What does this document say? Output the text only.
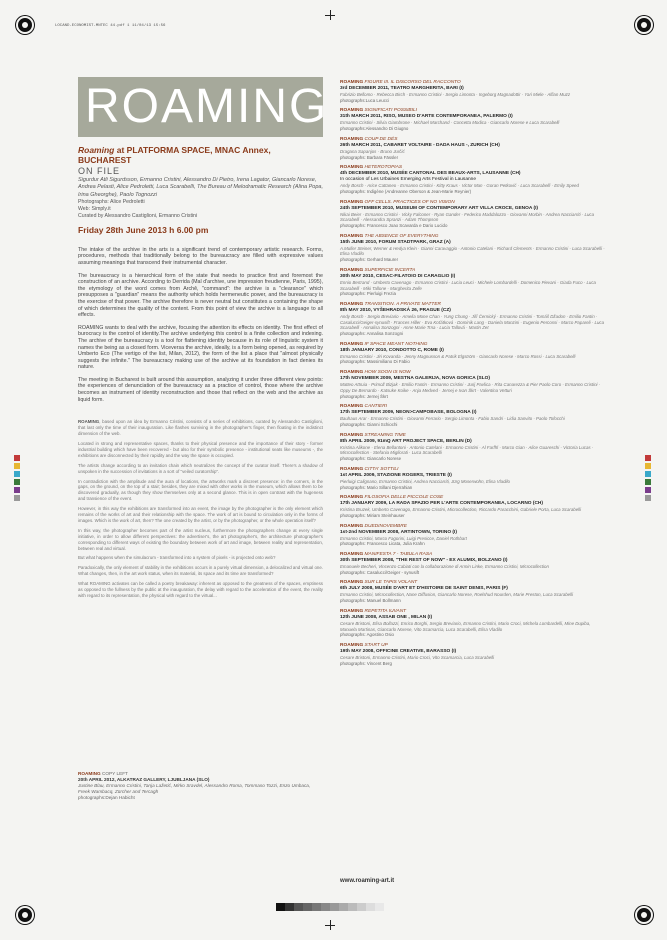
LOCAND-ECONOMIST-MNTEC 44.pdf 1 11/04/13 15:56
ROAMING
Roaming at PLATFORMA SPACE, MNAC Annex, BUCHAREST
ON FILE
Sigurdur Atli Sigurdsson, Ermanno Cristini, Alessandro Di Pietro, Irena Lagator, Giancarlo Norese, Andrea Pelasti, Alice Pedroletti, Luca Scarabelli, The Bureau of Melodramatic Research (Alina Popa, Irina Gheorghe), Paolo Tognozzi
Photographs: Alice Pedroletti
Web: Simply.it
Curated by Alessandro Castiglioni, Ermanno Cristini
Friday 28th June 2013 h 6.00 pm

The intake of the archive in the arts is a significant trend of contemporary artistic research. Forms, procedures, methods that traditionally belong to the bureaucracy are filled with expressive values assuming meanings that transcend their instrumental character.

The bureaucracy is a hierarchical form of the state that needs to practice first and foremost the construction of an archive. According to Derrida (Mal d'archive, une impression freudienne, Paris, 1995), the etymology of the word comes from Archê, "command": the archive is a "clearance" which presupposes a "guardian" means the authority which holds hermeneutic power, and the bureaucracy is the exercise of that power. The archive therefore is never neutral but constitutes a containing the shape of which determines the quality of the content. From this point of view the archive is a language to all effects.

ROAMING wants to deal with the archive, focusing the attention its effects on identity. The first effect of burocracy is the control of identity.The archive underlying this control is a finite collection and indexing. The archive of the bureaucracy is a tool for flattening identity because in its role of linguistic system it names the being as a closed form. Viceversa the archive, ideally, is a form being opened, as required by Umberto Eco (The vertigo of the list, Milan, 2012), the form of the list a place that "almost physically suggests the infinite." The bureaucracy making use of the archive at its foundation in fact denies its nature.

The meeting in Bucharest is built around this assumption, analyzing it under three different view points: the experiences of denunciation of the bureaucracy as a practice of control, those where the archive becomes an instrument of identity reconstruction and those that reflect on the web and the archive as liquid form.

ROAMING, based upon an idea by Ermanno Cristini, consists of a series of exhibitions, curated by Alessandro Castiglioni, that last only the time of their inauguration. Like flashes surviving in the photographer's finger, then floating in the indistinct dimension of the web.

Located in strong and representative spaces, thanks to their physical presence and the importance of their story - former industrial building which have been recovered - but also for their symbolic presence - institutional seats like museums -, the exhibitions are disconnected by their rapidity and the way the space is occupied.

The artists change according to an invitation chain which neutralizes the concept of the curator itself. There's a shadow of unspoken in the succession of invitations in a sort of "veiled curatorship".

In contradiction with the amplitude and the aura of locations, the artworks mark a discreet presence: in the corners, in the gaps, on the ground, on the top of a stair; besides, they are mixed with other works in the museum, which allows them to be discovered gradually, as though they show themselves only at a second glance. This is in open contrast with the hugeness and transience of the event.

However, in this way the exhibitions are transformed into an event, the image by the photographer is the only element which remains of the works of art and their relationship with the space. The work of art is bound to circulation only in the forms of images. Which is the work of art, then? The one created by the artist, or by the photographer, or the whole operation itself?

In this way, the photographer becomes part of the artist nucleus, furthermore the photographers change at every single initiative, in order to allow different perspectives: the advertiser's, the art photographer's, the architecture photographer's corresponding to different ways of existing the boundary between work of art and image, between reality and representation, between real and virtual.

But what happens when the simulacrum - transformed into a system of pixels - is projected onto web?

Paradoxically, the only element of stability in the exhibitions occurs in a purely virtual dimension, a delocalized and virtual one. What changes, then, in the art work status, when its material, its space and its time are transformed?

What ROAMING activates can be called a poetry breakaway: inherent as opposed to the greatness of the spaces, emptiness as opposed to the fullness by the public at the inauguration, the delay with regard to the acceleration of the event, the reality with regard to its representation, the physical with regard to the virtual...

ROAMING COPY LEFT
20th APRIL 2012, ALKATRAZ GALLERY, LJUBLJANA (SLO)
Justine Blau, Ermanno Cristini, Tanja Lažetić, Mirko Sravdel, Alessandro Roma, Tommaso Tozzi, Enzo Umbaca, Freek Wambacq, Zürcher and Tercagh
photographs:Dejan Habicht
ROAMING FIGURE III. IL DISCORSO DEL RACCONTO
3rd DECEMBER 2011, TEATRO MARGHERITA, BARI (I)
Fabrizio Bellomo · Rebecca Birch · Ermanno Cristini · Sergio Limonta · Ingeborg Magnadottir · Yari Miele · Alfian Muzz
photographs:Luca Leucci
ROAMING SIGNIFICATI POSSIBILI
31th MARCH 2011, RISO, MUSEO D'ARTE CONTEMPORANEA, PALERMO (I)
Ermanno Cristini · Silvia Giambrone · Michael Marchand · Concetta Modica · Giancarlo Norese e Luca Scarabelli
photographs:Alessandro Di Giugno
ROAMING COUP DE DÉS
26th MARCH 2011, CABARET VOLTAIRE - DADA HAUS -, ZURICH (CH)
Dragana Sapanjos · Bruno Jurčić
photographs: Barbara Fässler
ROAMING HETEROTOPIAS
4th DECEMBER 2010, MUSÉE CANTONAL DES BEAUX-ARTS, LAUSANNE (CH)
In occasion of Les Urbaines Emerging Arts Festival in Lausanne
Andy Bosch · Arice Cattaneo · Ermanno Cristini · Kitty Kraus · Victor Man · Goran Petković · Luca Scarabelli · Emily Speed
photographs: Indigène (Andreanne Oberson & Jean-Marie Reynier)
ROAMING OFF CELLS. PRACTICES OF NO VISION
24th SEPTEMBER 2010, MUSEUM OF CONTEMPORARY ART VILLA CROCE, GENOA (I)
Nikai Beier · Ermanno Cristini · Vicky Falconer · Ryan Gander · Federico Maddalozzo · Giovanni Morbin · Andrea Nacciarriti · Luca Scarabelli · Alessandra Spranzi · Adam Thompson
photographs: Francesco Joao Scavarda e Dario Lucido
ROAMING THE ABSENCE OF EVERYTHING
15th JUNE 2010, FORUM STADTPARK, GRAZ (A)
A.Muller Steiner, Werner & Hedya Klein · Gianni Caravaggio · Antonio Catelani · Richard Clements · Ermanno Cristini · Luca Scarabelli · Elisa Vladilo
photographs: Gerhard Maurer
ROAMING SUPERFICIE INCERTA
30th MAY 2010, CESAC-FILATOIO DI CARAGLIO (I)
Ennio Bertrand · Umberto Cavenago · Ermanno Cristini · Lucia Leuci · Michele Lombardelli · Domenico Pievani · Giada Fuco · Luca Scarabelli · Miki Tallone · Margherita Zelle
photographs: Pierluigi Frezia
ROAMING TRANSITION. A PRIVATE MATTER
8th MAY 2010, VYŠEHRADSKÁ 26, PRAGUE (CZ)
Andy Bosch · Sergio Breviario · Amelia Mone Chan · Yung Chung · Jiří Černický · Ermanno Cristini · Tomáš Džadon · Emilio Fantin · Casalucci/Geiger-synusift · Frances Hiller · Eva Koťátková · Dominik Lang · Daniela Manzini · Eugenio Percossi · Marco Papareli · Luca Scarabelli · Annalisa Sonzogni · Anne Marie Trna · Lucia Tallová · Martin Zet
photographs: Annalisa Sonzogni
ROAMING IF SPACE MEANT NOTHING
18th JANUARY 2010, CONDOTTO C, ROME (I)
Ermanno Cristini · Jiri Kovanda · Jenny Magnusson & Patrik Elgström · Giancarlo Norese · Marco Rossi · Luca Scarabelli
photographs: Massimiliano Di Fabio
ROAMING HOW SOON IS NOW
17th NOVEMBER 2009, MESTNA GALERIJA, NOVA GORICA (SLO)
Matteo Attruia · Primož Bizjak · Emilio Fantin · Ermanno Cristini · Jurij Pavlica · Rita Canarezza & Pier Paolo Coro · Ermanno Cristini · Oppy De Bernardo · Katsuke Koike · Anja Medved · Jernej e Ivan Škrt · Valentina Vetturi
photographs: Jernej Škrt
ROAMING CANTIERI
17th SEPTEMBER 2009, NEON>CAMPOBASE, BOLOGNA (I)
Bauhaus Arar · Ermanno Cristini · Giovanni Ferrario · Sergio Limonta · Fabio Sandri · Lidia Sanvito · Paolo Tofocchi
photographs: Gianni Schiochi
ROAMING STREAMING TIME
8th APRIL 2009, 91mQ ART PROJECT SPACE, BERLIN (D)
Kristina Alikone · Elena Bellantoni · Antonio Catelani · Ermanno Cristini · Al Farfhl · Marco Gian · Alice Guareschi · Victoria Lucas · Microcollection · Stefania Migliorati · Luca Scarabelli
photographs: Giancarlo Norese
ROAMING CITTA' SOTTILI
1st APRIL 2009, STAZIONE ROGERS, TRIESTE (I)
Pierluigi Calignano, Ermanno Cristini, Andrea Nacciarriti, Jürg Moserwohn, Elisa Vladilo
photographs: Mario Sillani Djerrahian
ROAMING FILOSOFIA DELLE PICCOLE COSE
17th JANUARY 2009, LA RADA SPAZIO PER L'ARTE CONTEMPORANEA, LOCARNO (CH)
Kristina Bruzek, Umberto Cavenago, Ermanno Cristini, Microcollection, Riccardo Paracchini, Gabriele Porta, Luca Scarabelli
photographs: Miriam Steinhauser
ROAMING DUEDINOVEMBRE
1st-2nd NOVEMBER 2008, ARTINTOWN, TORINO (I)
Ermanno Cristini, Marco Fagorini, Luigi Presicce, Daniel Rothbart
photographs: Francesco Licata, Julia Krahn
ROAMING MANIFESTA 7 - TABULA RASA
30th SEPTEMBER 2008, "THE REST OF NOW" - EX ALUMIX, BOLZANO (I)
Emanuele Becheri, Vincenzo Cabiati con la collaborazione di Armin Linke, Ermanno Cristini, Microcollection
photographs: Casalucci/Geiger - synusift
ROAMING SUR LE TAPIS VOLANT
6th JULY 2008, MUSÉE D'ART ET D'HISTOIRE DE SAINT DENIS, PARIS (F)
Ermanno Cristini, Microcollection, Nane Diffusion, Giancarlo Norese, Roelshud Nourden, Marie Preston, Luca Scarabelli
photographs: Manuel Bollmann
ROAMING REPETITA IUVANT
12th JUNE 2008, ASSAB ONE , MILAN (I)
Cesare Bristoni, Elisa Bollazzi, Enrico Borghi, Sergio Breviario, Ermanno Cristini, Mario Croci, Michela Lombardelli, Mine Dupiba, Manuela Martinas, Giancarlo Norese, Vito Scamarcia, Luca Scarabelli, Elisa Vladilo
photographs: Agostino Osio
ROAMING START UP
19th MAY 2008, OFFICINE CREATIVE, BARASSO (I)
Cesare Bristoni, Ermanno Cristini, Mario Croci, Vito Scamarcia, Luca Scarabelli
photographs: Vincent Berg
www.roaming-art.it
